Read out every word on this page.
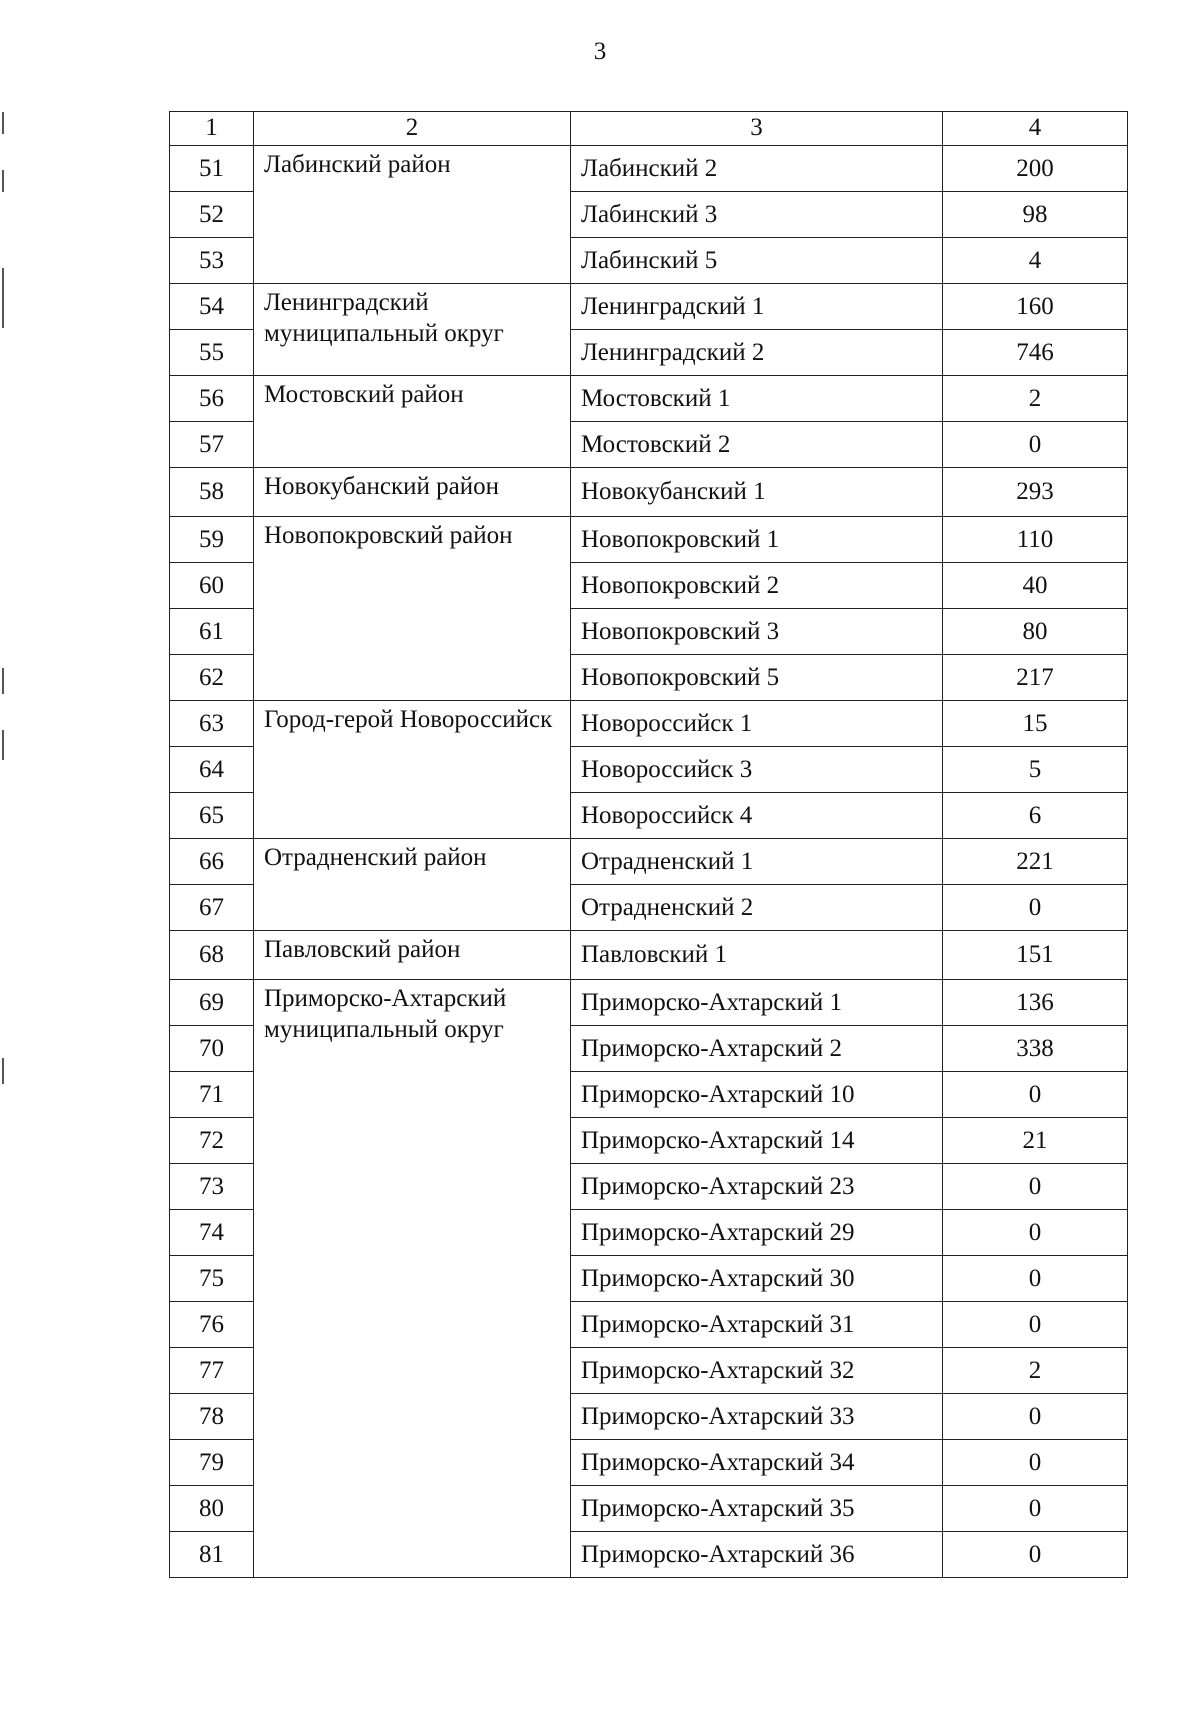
3
1	2	3	4
51	Лабинский район	Лабинский 2	200
52		Лабинский 3	98
53		Лабинский 5	4
54	Ленинградский муниципальный округ	Ленинградский 1	160
55		Ленинградский 2	746
56	Мостовский район	Мостовский 1	2
57		Мостовский 2	0
58	Новокубанский район	Новокубанский 1	293
59	Новопокровский район	Новопокровский 1	110
60		Новопокровский 2	40
61		Новопокровский 3	80
62		Новопокровский 5	217
63	Город-герой Новороссийск	Новороссийск 1	15
64		Новороссийск 3	5
65		Новороссийск 4	6
66	Отрадненский район	Отрадненский 1	221
67		Отрадненский 2	0
68	Павловский район	Павловский 1	151
69	Приморско-Ахтарский муниципальный округ	Приморско-Ахтарский 1	136
70		Приморско-Ахтарский 2	338
71		Приморско-Ахтарский 10	0
72		Приморско-Ахтарский 14	21
73		Приморско-Ахтарский 23	0
74		Приморско-Ахтарский 29	0
75		Приморско-Ахтарский 30	0
76		Приморско-Ахтарский 31	0
77		Приморско-Ахтарский 32	2
78		Приморско-Ахтарский 33	0
79		Приморско-Ахтарский 34	0
80		Приморско-Ахтарский 35	0
81		Приморско-Ахтарский 36	0
